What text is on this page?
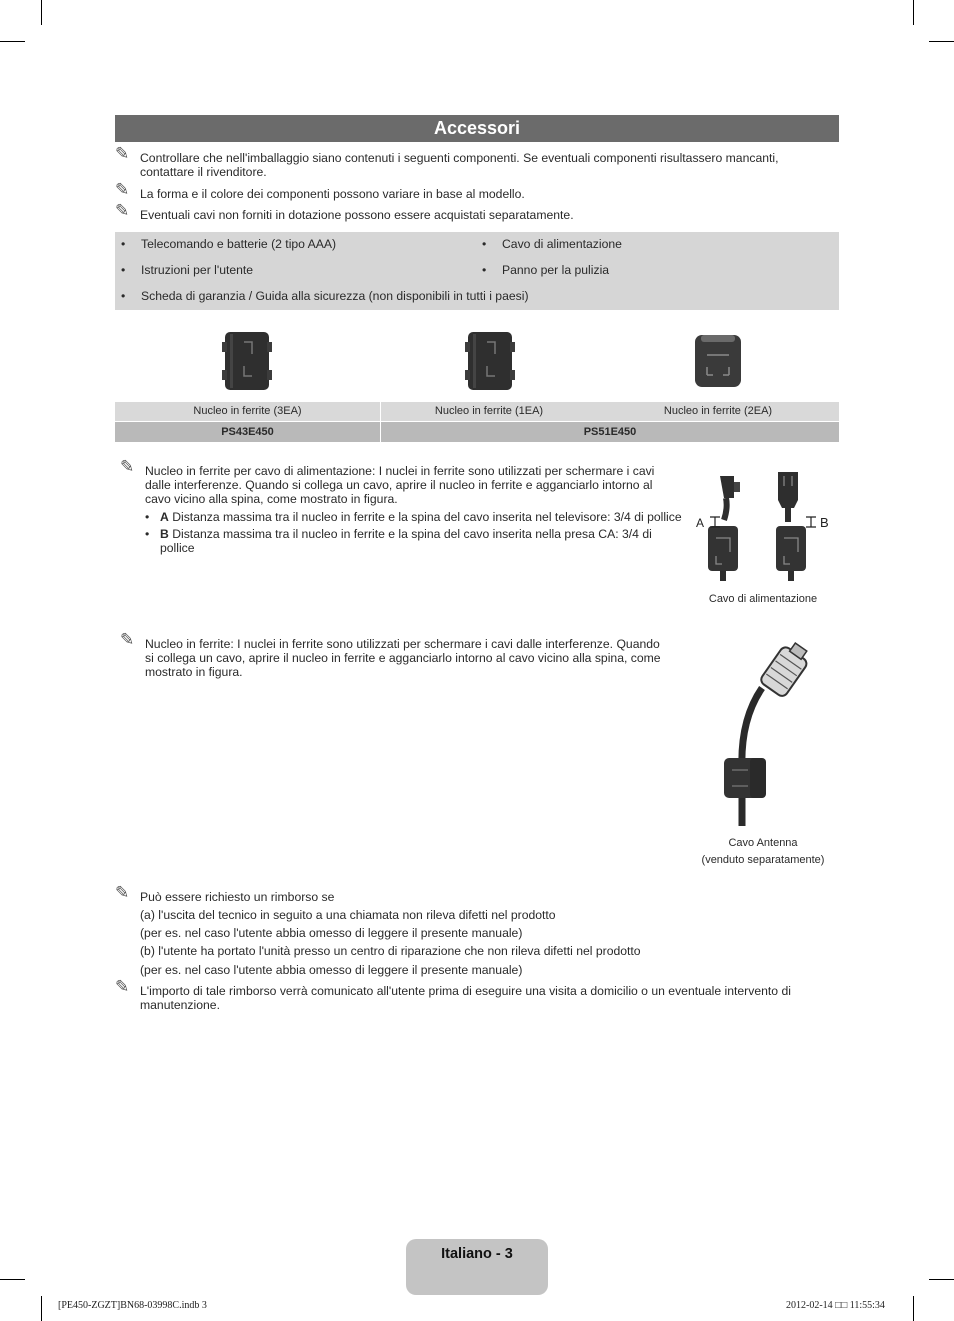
Accessori
✎ Controllare che nell'imballaggio siano contenuti i seguenti componenti. Se eventuali componenti risultassero mancanti,
contattare il rivenditore.
✎ La forma e il colore dei componenti possono variare in base al modello.
✎ Eventuali cavi non forniti in dotazione possono essere acquistati separatamente.
• Telecomando e batterie (2 tipo AAA)	• Cavo di alimentazione
• Istruzioni per l'utente	• Panno per la pulizia
• Scheda di garanzia / Guida alla sicurezza (non disponibili in tutti i paesi)
Nucleo in ferrite (3EA)	Nucleo in ferrite (1EA)	Nucleo in ferrite (2EA)
PS43E450	PS51E450
✎ Nucleo in ferrite per cavo di alimentazione: I nuclei in ferrite sono utilizzati per schermare i cavi
dalle interferenze. Quando si collega un cavo, aprire il nucleo in ferrite e agganciarlo intorno al
cavo vicino alla spina, come mostrato in figura.
• A Distanza massima tra il nucleo in ferrite e la spina del cavo inserita nel televisore: 3/4 di pollice
• B Distanza massima tra il nucleo in ferrite e la spina del cavo inserita nella presa CA: 3/4 di
pollice
A	B
Cavo di alimentazione
✎ Nucleo in ferrite: I nuclei in ferrite sono utilizzati per schermare i cavi dalle interferenze. Quando
si collega un cavo, aprire il nucleo in ferrite e agganciarlo intorno al cavo vicino alla spina, come
mostrato in figura.
Cavo Antenna
(venduto separatamente)
✎ Può essere richiesto un rimborso se
(a) l'uscita del tecnico in seguito a una chiamata non rileva difetti nel prodotto
(per es. nel caso l'utente abbia omesso di leggere il presente manuale)
(b) l'utente ha portato l'unità presso un centro di riparazione che non rileva difetti nel prodotto
(per es. nel caso l'utente abbia omesso di leggere il presente manuale)
✎ L'importo di tale rimborso verrà comunicato all'utente prima di eseguire una visita a domicilio o un eventuale intervento di
manutenzione.
Italiano - 3
[PE450-ZGZT]BN68-03998C.indb 3	2012-02-14 □□ 11:55:34
